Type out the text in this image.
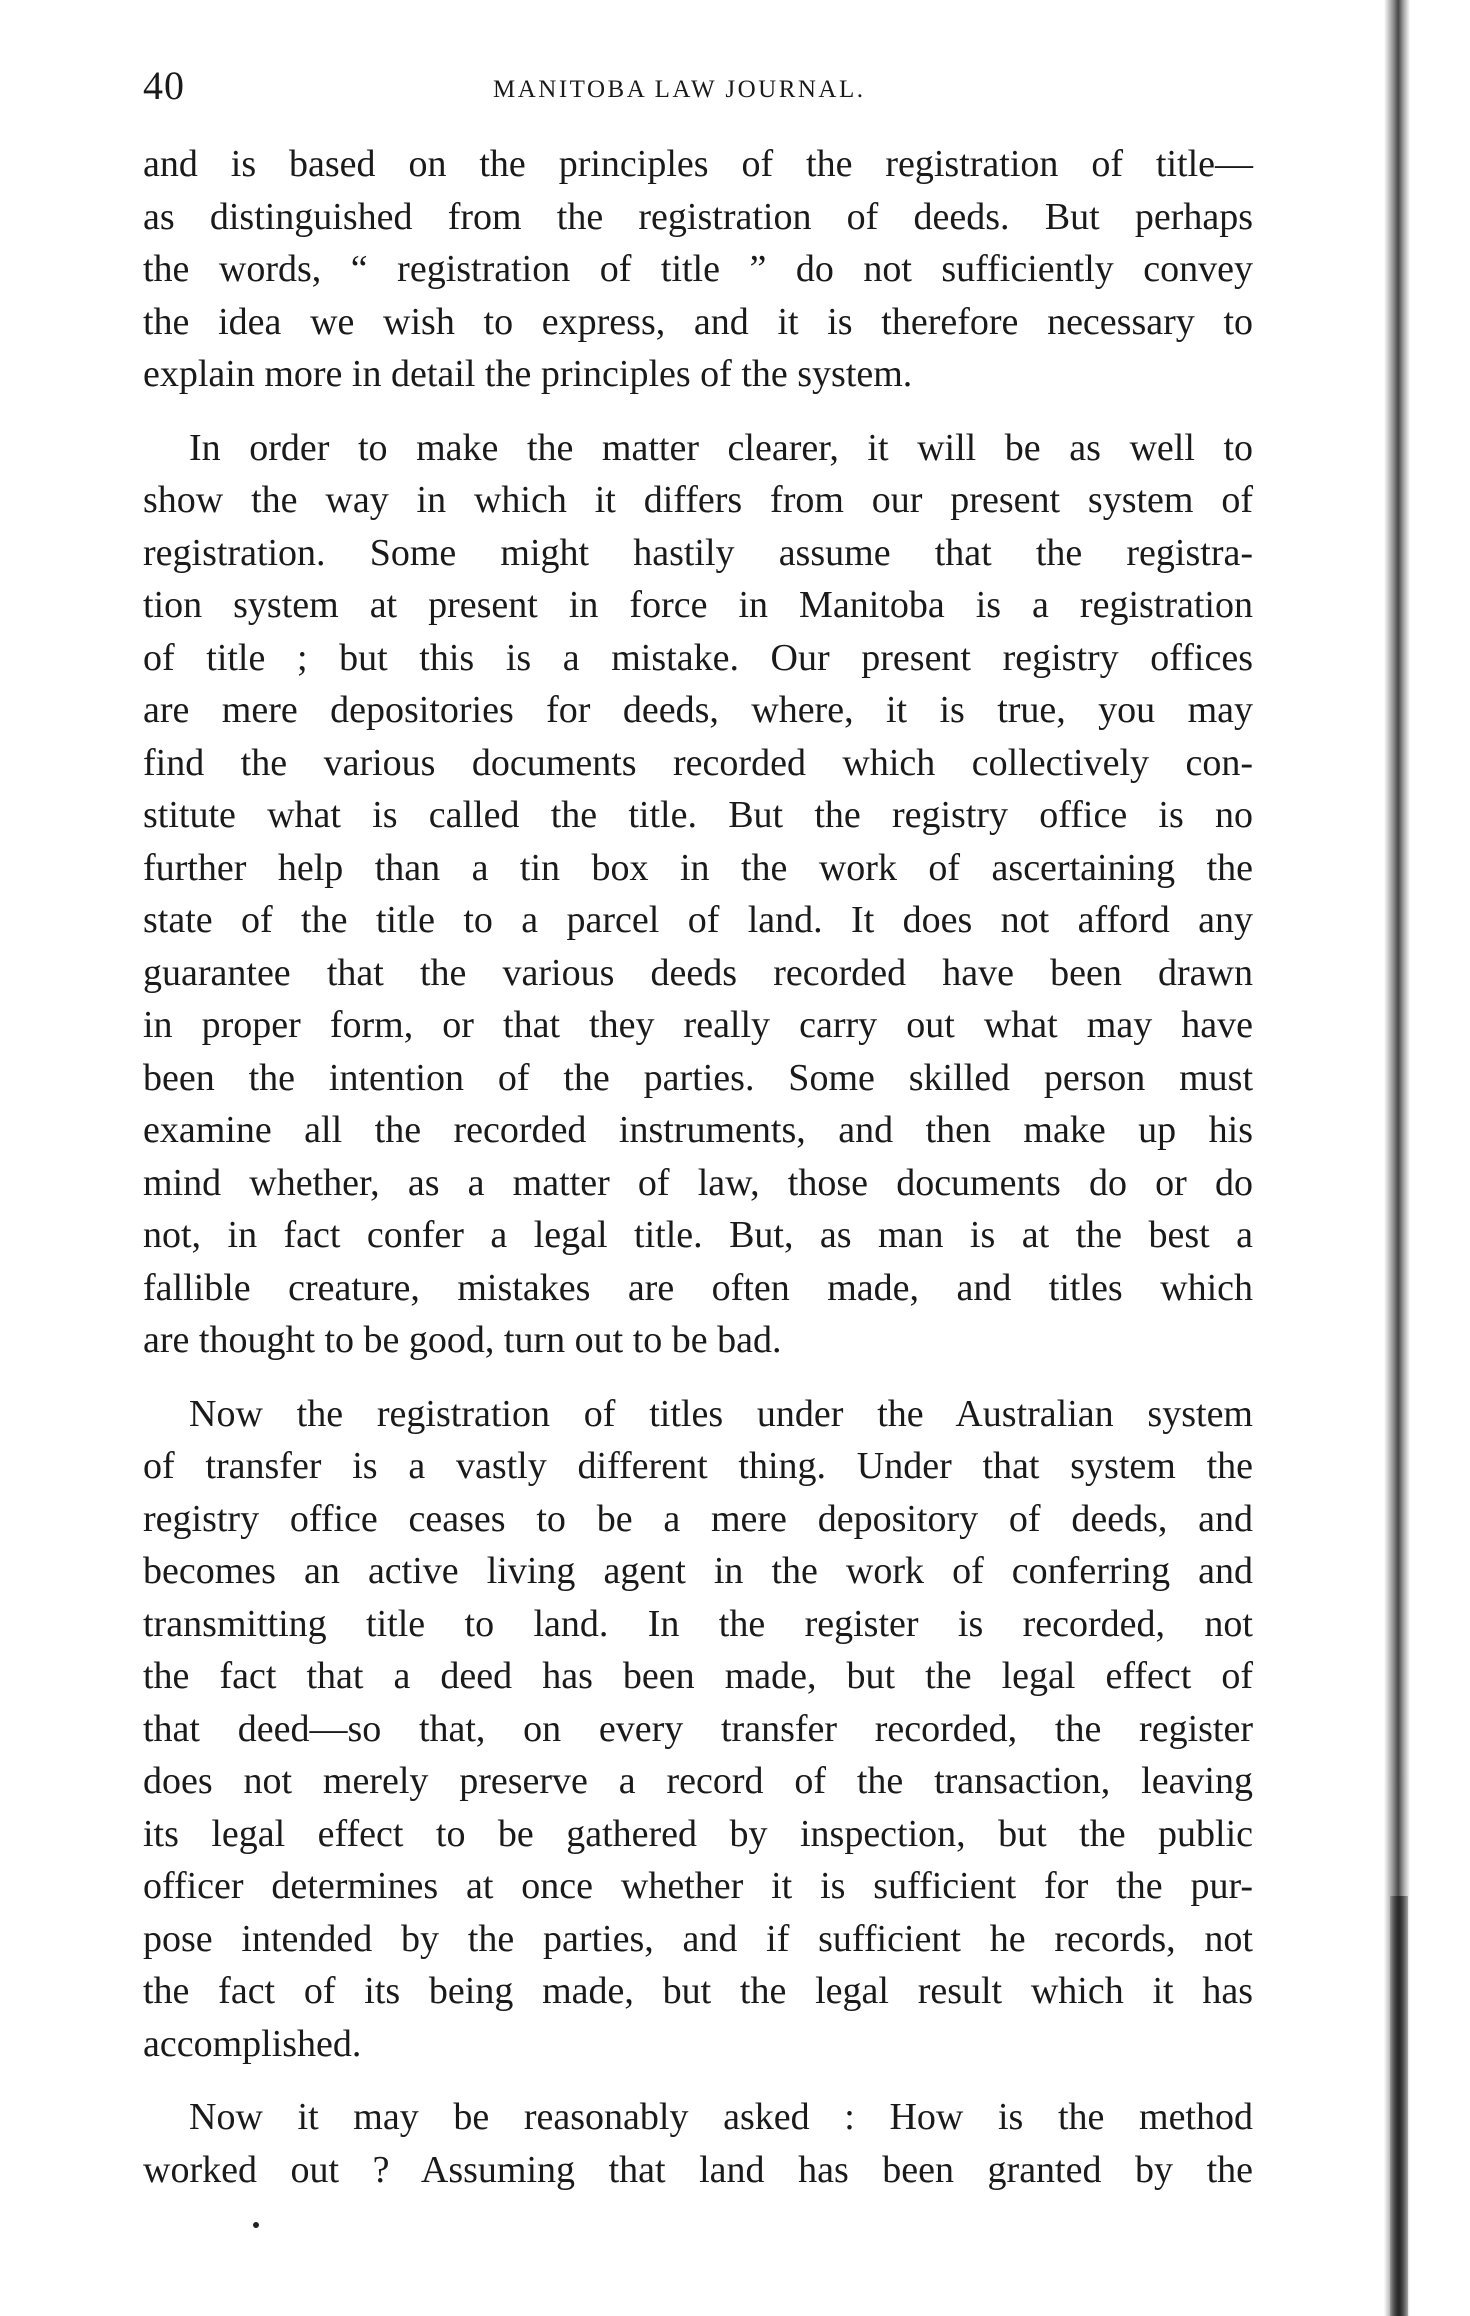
40	MANITOBA LAW JOURNAL.

and is based on the principles of the registration of title—
as distinguished from the registration of deeds. But perhaps
the words, “ registration of title ” do not sufficiently convey
the idea we wish to express, and it is therefore necessary to
explain more in detail the principles of the system.

In order to make the matter clearer, it will be as well to
show the way in which it differs from our present system of
registration. Some might hastily assume that the registra-
tion system at present in force in Manitoba is a registration
of title ; but this is a mistake. Our present registry offices
are mere depositories for deeds, where, it is true, you may
find the various documents recorded which collectively con-
stitute what is called the title. But the registry office is no
further help than a tin box in the work of ascertaining the
state of the title to a parcel of land. It does not afford any
guarantee that the various deeds recorded have been drawn
in proper form, or that they really carry out what may have
been the intention of the parties. Some skilled person must
examine all the recorded instruments, and then make up his
mind whether, as a matter of law, those documents do or do
not, in fact confer a legal title. But, as man is at the best a
fallible creature, mistakes are often made, and titles which
are thought to be good, turn out to be bad.

Now the registration of titles under the Australian system
of transfer is a vastly different thing. Under that system the
registry office ceases to be a mere depository of deeds, and
becomes an active living agent in the work of conferring and
transmitting title to land. In the register is recorded, not
the fact that a deed has been made, but the legal effect of
that deed—so that, on every transfer recorded, the register
does not merely preserve a record of the transaction, leaving
its legal effect to be gathered by inspection, but the public
officer determines at once whether it is sufficient for the pur-
pose intended by the parties, and if sufficient he records, not
the fact of its being made, but the legal result which it has
accomplished.

Now it may be reasonably asked : How is the method
worked out ? Assuming that land has been granted by the
